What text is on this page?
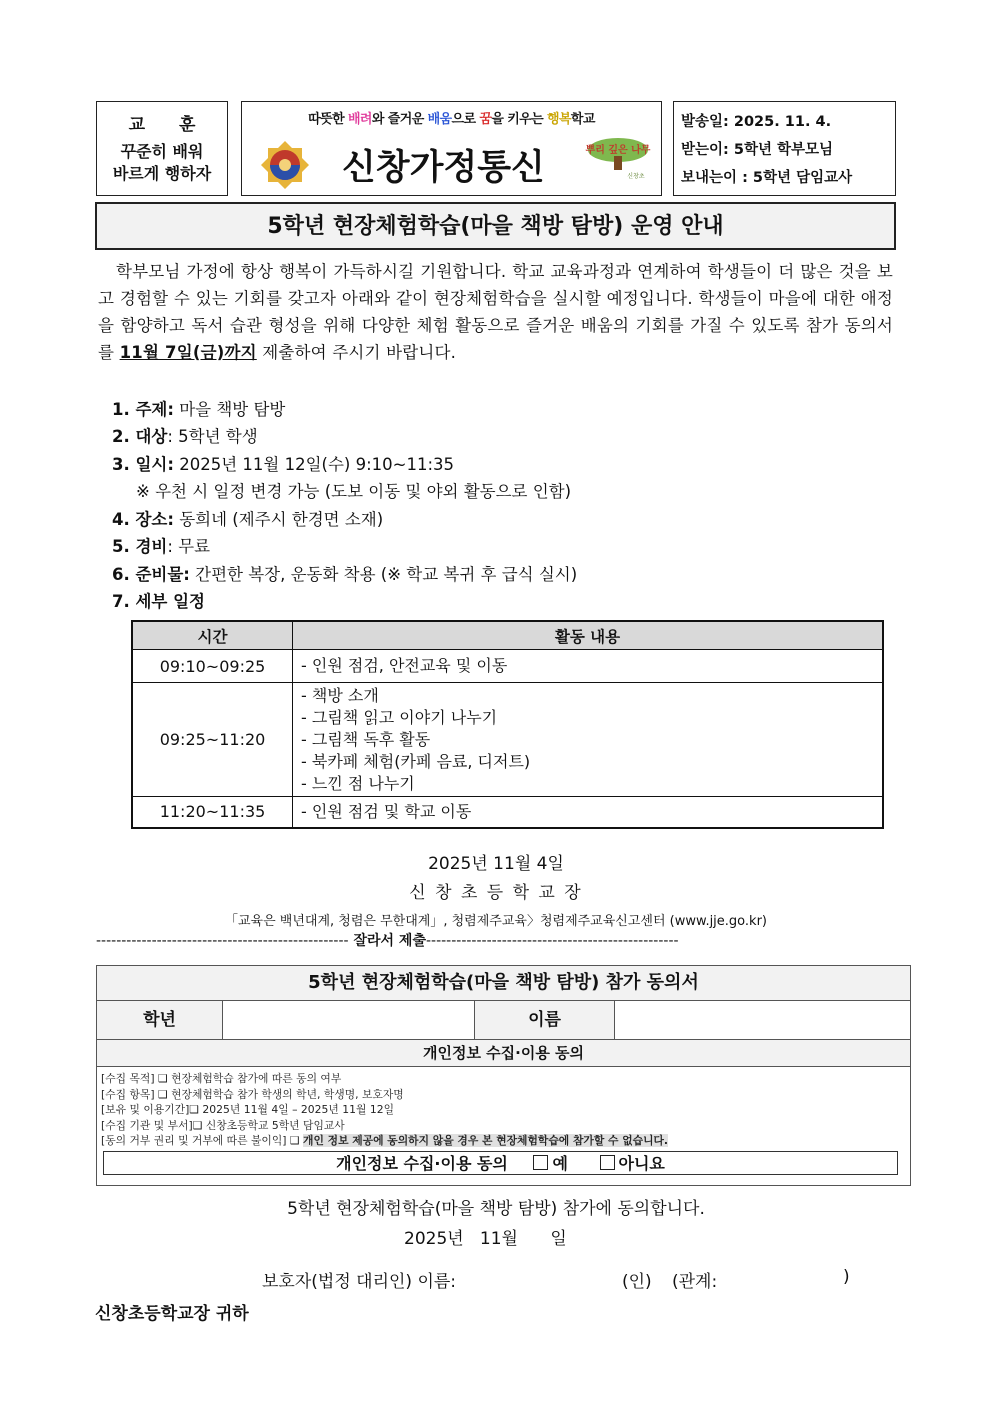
교 훈
꾸준히 배워
바르게 행하자
따뜻한 배려와 즐거운 배움으로 꿈을 키우는 행복학교
신창가정통신	뿌리 깊은 나무
신창초
발송일: 2025. 11. 4.
받는이: 5학년 학부모님
보내는이 : 5학년 담임교사
5학년 현장체험학습(마을 책방 탐방) 운영 안내
학부모님 가정에 항상 행복이 가득하시길 기원합니다. 학교 교육과정과 연계하여 학생들이 더 많은 것을 보고 경험할 수 있는 기회를 갖고자 아래와 같이 현장체험학습을 실시할 예정입니다. 학생들이 마을에 대한 애정을 함양하고 독서 습관 형성을 위해 다양한 체험 활동으로 즐거운 배움의 기회를 가질 수 있도록 참가 동의서를 11월 7일(금)까지 제출하여 주시기 바랍니다.
1. 주제: 마을 책방 탐방
2. 대상: 5학년 학생
3. 일시: 2025년 11월 12일(수) 9:10~11:35
※ 우천 시 일정 변경 가능 (도보 이동 및 야외 활동으로 인함)
4. 장소: 동희네 (제주시 한경면 소재)
5. 경비: 무료
6. 준비물: 간편한 복장, 운동화 착용 (※ 학교 복귀 후 급식 실시)
7. 세부 일정
시간	활동 내용
09:10~09:25	- 인원 점검, 안전교육 및 이동
09:25~11:20	- 책방 소개
- 그림책 읽고 이야기 나누기
- 그림책 독후 활동
- 북카페 체험(카페 음료, 디저트)
- 느낀 점 나누기

11:20~11:35	- 인원 점검 및 학교 이동
2025년 11월 4일
신 창 초 등 학 교 장
「교육은 백년대계, 청렴은 무한대계」, 청렴제주교육〉청렴제주교육신고센터 (www.jje.go.kr)
-------------------------------------------------- 잘라서 제출--------------------------------------------------
5학년 현장체험학습(마을 책방 탐방) 참가 동의서
학년	이름
개인정보 수집·이용 동의
[수집 목적] ❑ 현장체험학습 참가에 따른 동의 여부
[수집 항목] ❑ 현장체험학습 참가 학생의 학년, 학생명, 보호자명
[보유 및 이용기간]❑ 2025년 11월 4일 – 2025년 11월 12일
[수집 기관 및 부서]❑ 신창초등학교 5학년 담임교사
[동의 거부 권리 및 거부에 따른 불이익] ❑ 개인 정보 제공에 동의하지 않을 경우 본 현장체험학습에 참가할 수 없습니다.
개인정보 수집·이용 동의	예	아니요
5학년 현장체험학습(마을 책방 탐방) 참가에 동의합니다.
2025년   11월      일
보호자(법정 대리인) 이름:	(인) (관계:	)
신창초등학교장 귀하
